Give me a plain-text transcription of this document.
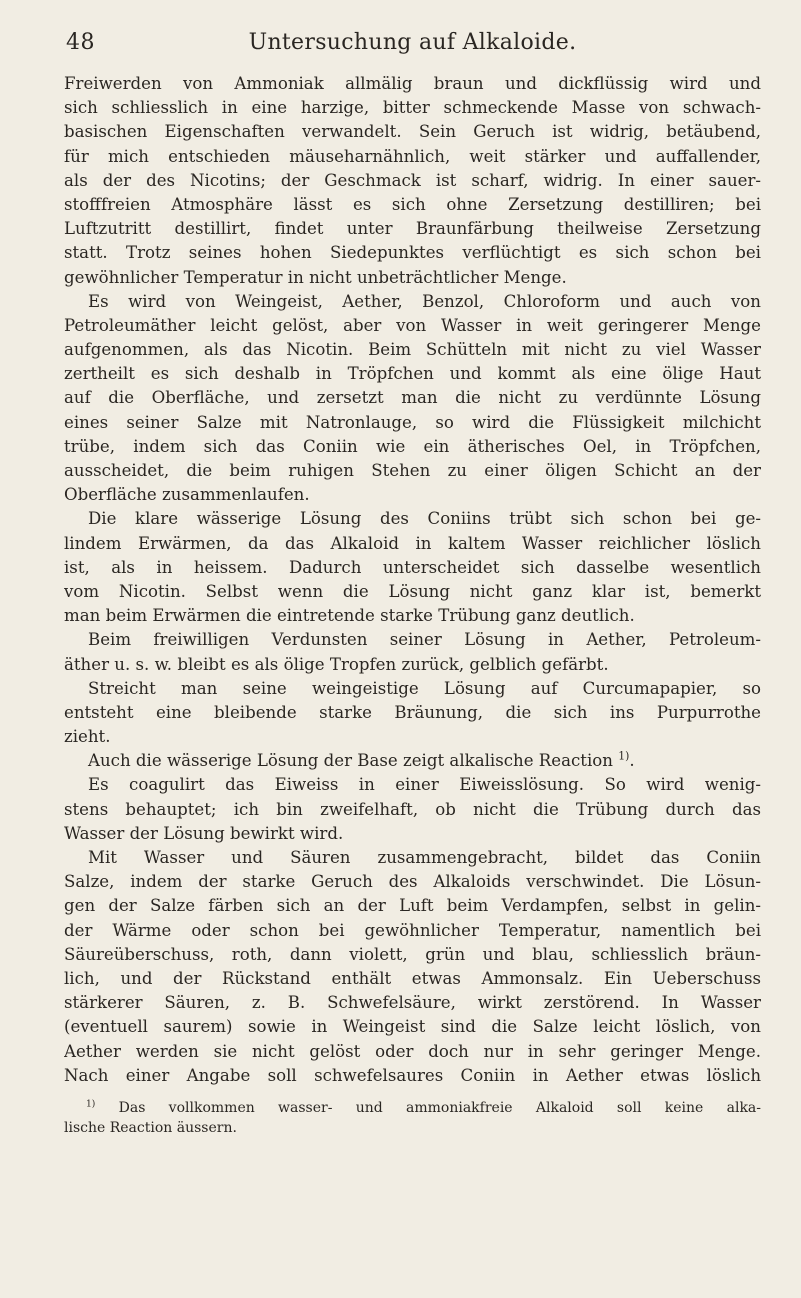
48	Untersuchung auf Alkaloide.
Freiwerden von Ammoniak allmälig braun und dickflüssig wird und
sich schliesslich in eine harzige, bitter schmeckende Masse von schwach-
basischen Eigenschaften verwandelt. Sein Geruch ist widrig, betäubend,
für mich entschieden mäuseharnähnlich, weit stärker und auffallender,
als der des Nicotins; der Geschmack ist scharf, widrig. In einer sauer-
stofffreien Atmosphäre lässt es sich ohne Zersetzung destilliren; bei
Luftzutritt destillirt, findet unter Braunfärbung theilweise Zersetzung
statt. Trotz seines hohen Siedepunktes verflüchtigt es sich schon bei
gewöhnlicher Temperatur in nicht unbeträchtlicher Menge.
Es wird von Weingeist, Aether, Benzol, Chloroform und auch von
Petroleumäther leicht gelöst, aber von Wasser in weit geringerer Menge
aufgenommen, als das Nicotin. Beim Schütteln mit nicht zu viel Wasser
zertheilt es sich deshalb in Tröpfchen und kommt als eine ölige Haut
auf die Oberfläche, und zersetzt man die nicht zu verdünnte Lösung
eines seiner Salze mit Natronlauge, so wird die Flüssigkeit milchicht
trübe, indem sich das Coniin wie ein ätherisches Oel, in Tröpfchen,
ausscheidet, die beim ruhigen Stehen zu einer öligen Schicht an der
Oberfläche zusammenlaufen.
Die klare wässerige Lösung des Coniins trübt sich schon bei ge-
lindem Erwärmen, da das Alkaloid in kaltem Wasser reichlicher löslich
ist, als in heissem. Dadurch unterscheidet sich dasselbe wesentlich
vom Nicotin. Selbst wenn die Lösung nicht ganz klar ist, bemerkt
man beim Erwärmen die eintretende starke Trübung ganz deutlich.
Beim freiwilligen Verdunsten seiner Lösung in Aether, Petroleum-
äther u. s. w. bleibt es als ölige Tropfen zurück, gelblich gefärbt.
Streicht man seine weingeistige Lösung auf Curcumapapier, so
entsteht eine bleibende starke Bräunung, die sich ins Purpurrothe
zieht.
Auch die wässerige Lösung der Base zeigt alkalische Reaction $^{1)}$.
Es coagulirt das Eiweiss in einer Eiweisslösung. So wird wenig-
stens behauptet; ich bin zweifelhaft, ob nicht die Trübung durch das
Wasser der Lösung bewirkt wird.
Mit Wasser und Säuren zusammengebracht, bildet das Coniin
Salze, indem der starke Geruch des Alkaloids verschwindet. Die Lösun-
gen der Salze färben sich an der Luft beim Verdampfen, selbst in gelin-
der Wärme oder schon bei gewöhnlicher Temperatur, namentlich bei
Säureüberschuss, roth, dann violett, grün und blau, schliesslich bräun-
lich, und der Rückstand enthält etwas Ammonsalz. Ein Ueberschuss
stärkerer Säuren, z. B. Schwefelsäure, wirkt zerstörend. In Wasser
(eventuell saurem) sowie in Weingeist sind die Salze leicht löslich, von
Aether werden sie nicht gelöst oder doch nur in sehr geringer Menge.
Nach einer Angabe soll schwefelsaures Coniin in Aether etwas löslich
$^{1)}$ Das vollkommen wasser- und ammoniakfreie Alkaloid soll keine alka-
lische Reaction äussern.
